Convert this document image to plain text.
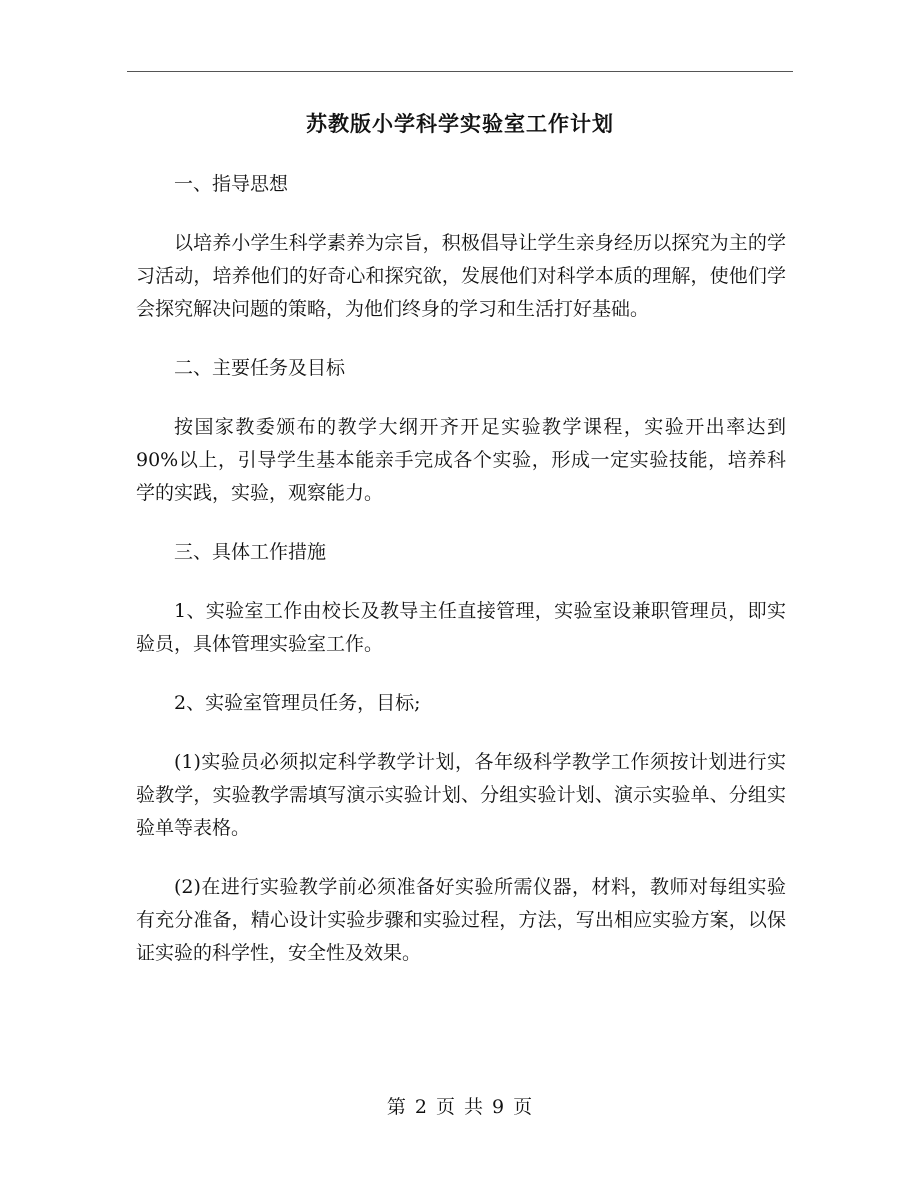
苏教版小学科学实验室工作计划

一、指导思想

以培养小学生科学素养为宗旨，积极倡导让学生亲身经历以探究为主的学习活动，培养他们的好奇心和探究欲，发展他们对科学本质的理解，使他们学会探究解决问题的策略，为他们终身的学习和生活打好基础。

二、主要任务及目标

按国家教委颁布的教学大纲开齐开足实验教学课程，实验开出率达到90%以上，引导学生基本能亲手完成各个实验，形成一定实验技能，培养科学的实践，实验，观察能力。

三、具体工作措施

1、实验室工作由校长及教导主任直接管理，实验室设兼职管理员，即实验员，具体管理实验室工作。

2、实验室管理员任务，目标;

(1)实验员必须拟定科学教学计划，各年级科学教学工作须按计划进行实验教学，实验教学需填写演示实验计划、分组实验计划、演示实验单、分组实验单等表格。

(2)在进行实验教学前必须准备好实验所需仪器，材料，教师对每组实验有充分准备，精心设计实验步骤和实验过程，方法，写出相应实验方案，以保证实验的科学性，安全性及效果。

第 2 页 共 9 页
